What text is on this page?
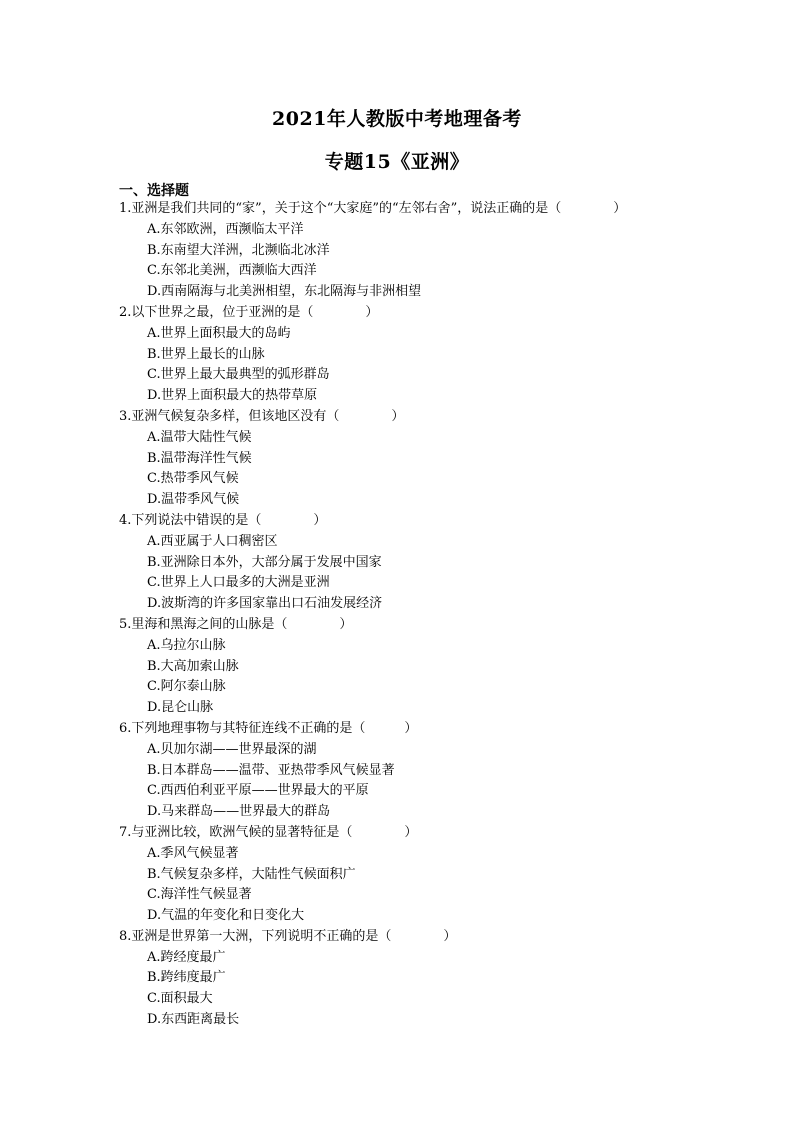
2021年人教版中考地理备考
专题15《亚洲》
一、选择题
1.亚洲是我们共同的“家”，关于这个“大家庭”的“左邻右舍”，说法正确的是（　　　　）
A.东邻欧洲，西濒临太平洋
B.东南望大洋洲，北濒临北冰洋
C.东邻北美洲，西濒临大西洋
D.西南隔海与北美洲相望，东北隔海与非洲相望
2.以下世界之最，位于亚洲的是（　　　　）
A.世界上面积最大的岛屿
B.世界上最长的山脉
C.世界上最大最典型的弧形群岛
D.世界上面积最大的热带草原
3.亚洲气候复杂多样，但该地区没有（　　　　）
A.温带大陆性气候
B.温带海洋性气候
C.热带季风气候
D.温带季风气候
4.下列说法中错误的是（　　　　）
A.西亚属于人口稠密区
B.亚洲除日本外，大部分属于发展中国家
C.世界上人口最多的大洲是亚洲
D.波斯湾的许多国家靠出口石油发展经济
5.里海和黑海之间的山脉是（　　　　）
A.乌拉尔山脉
B.大高加索山脉
C.阿尔泰山脉
D.昆仑山脉
6.下列地理事物与其特征连线不正确的是（　　　）
A.贝加尔湖——世界最深的湖
B.日本群岛——温带、亚热带季风气候显著
C.西西伯利亚平原——世界最大的平原
D.马来群岛——世界最大的群岛
7.与亚洲比较，欧洲气候的显著特征是（　　　　）
A.季风气候显著
B.气候复杂多样，大陆性气候面积广
C.海洋性气候显著
D.气温的年变化和日变化大
8.亚洲是世界第一大洲，下列说明不正确的是（　　　　）
A.跨经度最广
B.跨纬度最广
C.面积最大
D.东西距离最长
